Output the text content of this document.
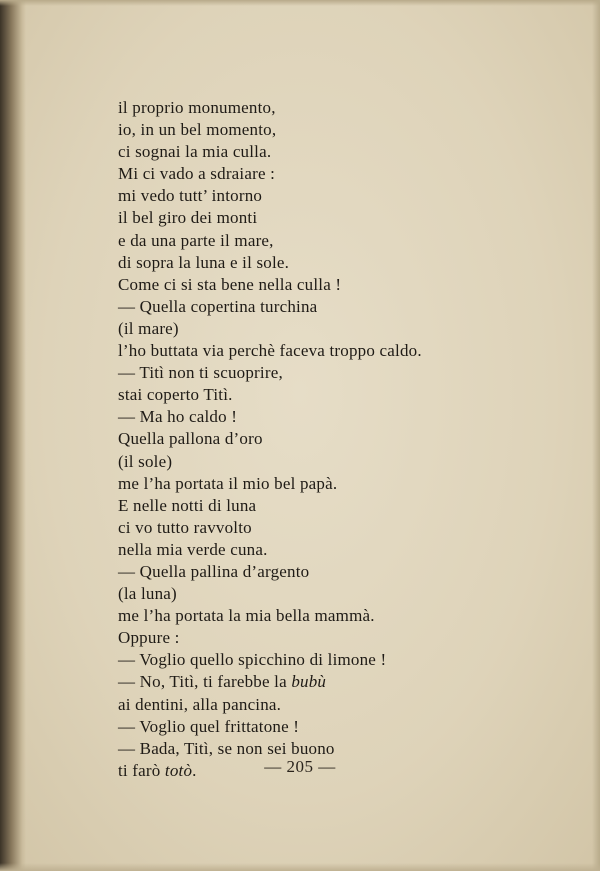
il proprio monumento,
io, in un bel momento,
ci sognai la mia culla.
Mi ci vado a sdraiare :
mi vedo tutt’ intorno
il bel giro dei monti
e da una parte il mare,
di sopra la luna e il sole.
Come ci si sta bene nella culla !
— Quella copertina turchina
(il mare)
l’ho buttata via perchè faceva troppo caldo.
— Titì non ti scuoprire,
stai coperto Titì.
— Ma ho caldo !
Quella pallona d’oro
(il sole)
me l’ha portata il mio bel papà.
E nelle notti di luna
ci vo tutto ravvolto
nella mia verde cuna.
— Quella pallina d’argento
(la luna)
me l’ha portata la mia bella mammà.
Oppure :
— Voglio quello spicchino di limone !
— No, Titì, ti farebbe la bubù
ai dentini, alla pancina.
— Voglio quel frittatone !
— Bada, Titì, se non sei buono
ti farò totò.	— 205 —
